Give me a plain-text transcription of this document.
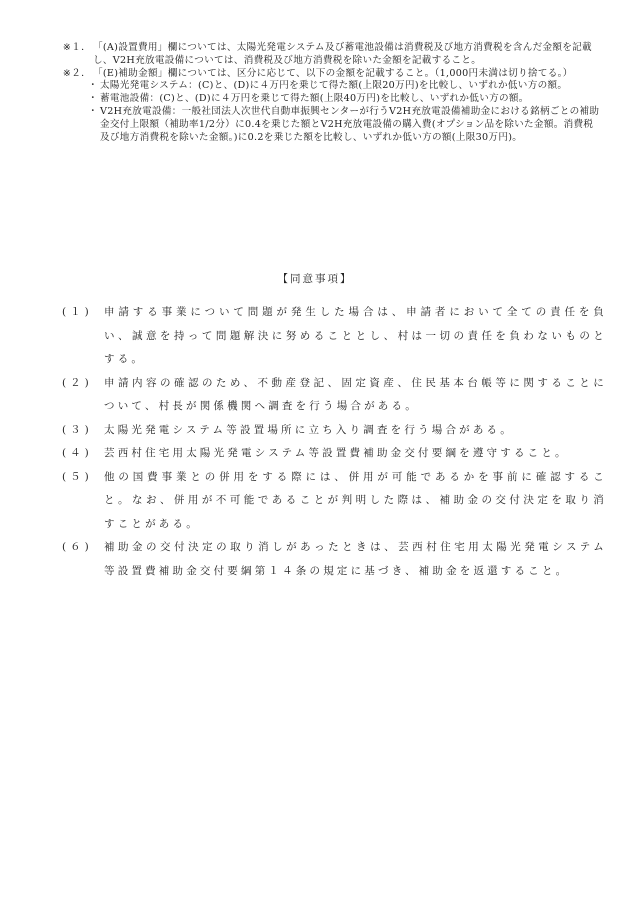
※１． 「(A)設置費用」欄については、太陽光発電システム及び蓄電池設備は消費税及び地方消費税を含んだ金額を記載し、V2H充放電設備については、消費税及び地方消費税を除いた金額を記載すること。
※２． 「(E)補助金額」欄については、区分に応じて、以下の金額を記載すること。（1,000円未満は切り捨てる。）
・ 太陽光発電システム：(C)と、(D)に４万円を乗じて得た額(上限20万円)を比較し、いずれか低い方の額。
・ 蓄電池設備：(C)と、(D)に４万円を乗じて得た額(上限40万円)を比較し、いずれか低い方の額。
・ V2H充放電設備：一般社団法人次世代自動車振興センターが行うV2H充放電設備補助金における銘柄ごとの補助金交付上限額（補助率1/2分）に0.4を乗じた額とV2H充放電設備の購入費(オプション品を除いた金額。消費税及び地方消費税を除いた金額。)に0.2を乗じた額を比較し、いずれか低い方の額(上限30万円)。
【同意事項】
(１)	申請する事業について問題が発生した場合は、申請者において全ての責任を負い、誠意を持って問題解決に努めることとし、村は一切の責任を負わないものとする。
(２)	申請内容の確認のため、不動産登記、固定資産、住民基本台帳等に関することについて、村長が関係機関へ調査を行う場合がある。
(３)	太陽光発電システム等設置場所に立ち入り調査を行う場合がある。
(４)	芸西村住宅用太陽光発電システム等設置費補助金交付要綱を遵守すること。
(５)	他の国費事業との併用をする際には、併用が可能であるかを事前に確認すること。なお、併用が不可能であることが判明した際は、補助金の交付決定を取り消すことがある。
(６)	補助金の交付決定の取り消しがあったときは、芸西村住宅用太陽光発電システム等設置費補助金交付要綱第１４条の規定に基づき、補助金を返還すること。
